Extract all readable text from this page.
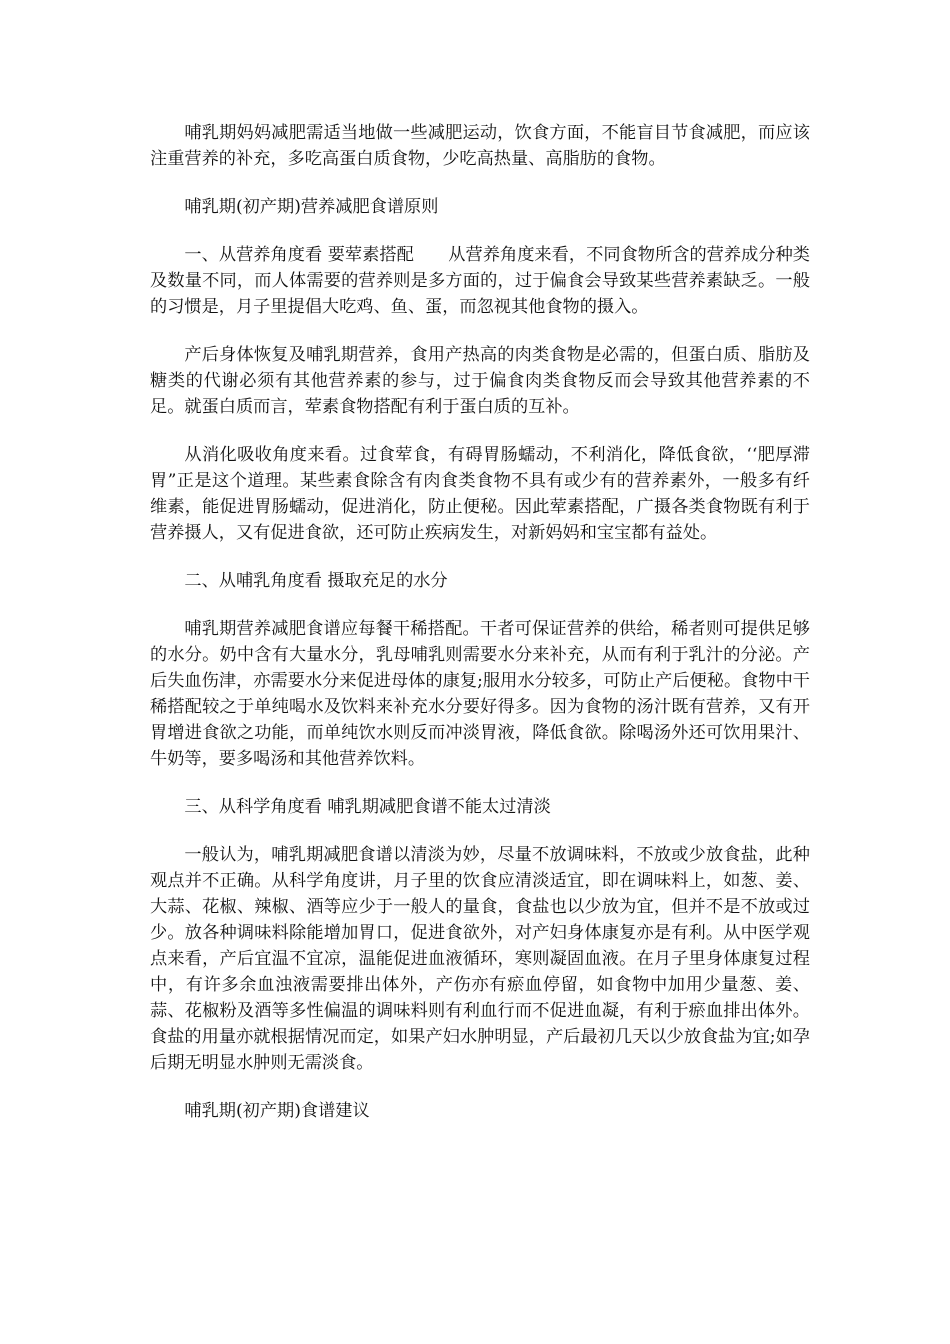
哺乳期妈妈减肥需适当地做一些减肥运动，饮食方面，不能盲目节食减肥，而应该注重营养的补充，多吃高蛋白质食物，少吃高热量、高脂肪的食物。

哺乳期(初产期)营养减肥食谱原则

一、从营养角度看 要荤素搭配　　从营养角度来看，不同食物所含的营养成分种类及数量不同，而人体需要的营养则是多方面的，过于偏食会导致某些营养素缺乏。一般的习惯是，月子里提倡大吃鸡、鱼、蛋，而忽视其他食物的摄入。

产后身体恢复及哺乳期营养，食用产热高的肉类食物是必需的，但蛋白质、脂肪及糖类的代谢必须有其他营养素的参与，过于偏食肉类食物反而会导致其他营养素的不足。就蛋白质而言，荤素食物搭配有利于蛋白质的互补。

从消化吸收角度来看。过食荤食，有碍胃肠蠕动，不利消化，降低食欲，‘‘肥厚滞胃”正是这个道理。某些素食除含有肉食类食物不具有或少有的营养素外，一般多有纤维素，能促进胃肠蠕动，促进消化，防止便秘。因此荤素搭配，广摄各类食物既有利于营养摄人，又有促进食欲，还可防止疾病发生，对新妈妈和宝宝都有益处。

二、从哺乳角度看 摄取充足的水分

哺乳期营养减肥食谱应每餐干稀搭配。干者可保证营养的供给，稀者则可提供足够的水分。奶中含有大量水分，乳母哺乳则需要水分来补充，从而有利于乳汁的分泌。产后失血伤津，亦需要水分来促进母体的康复;服用水分较多，可防止产后便秘。食物中干稀搭配较之于单纯喝水及饮料来补充水分要好得多。因为食物的汤汁既有营养，又有开胃增进食欲之功能，而单纯饮水则反而冲淡胃液，降低食欲。除喝汤外还可饮用果汁、牛奶等，要多喝汤和其他营养饮料。

三、从科学角度看 哺乳期减肥食谱不能太过清淡

一般认为，哺乳期减肥食谱以清淡为妙，尽量不放调味料，不放或少放食盐，此种观点并不正确。从科学角度讲，月子里的饮食应清淡适宜，即在调味料上，如葱、姜、大蒜、花椒、辣椒、酒等应少于一般人的量食，食盐也以少放为宜，但并不是不放或过少。放各种调味料除能增加胃口，促进食欲外，对产妇身体康复亦是有利。从中医学观点来看，产后宜温不宜凉，温能促进血液循环，寒则凝固血液。在月子里身体康复过程中，有许多余血浊液需要排出体外，产伤亦有瘀血停留，如食物中加用少量葱、姜、蒜、花椒粉及酒等多性偏温的调味料则有利血行而不促进血凝，有利于瘀血排出体外。食盐的用量亦就根据情况而定，如果产妇水肿明显，产后最初几天以少放食盐为宜;如孕后期无明显水肿则无需淡食。

哺乳期(初产期)食谱建议
